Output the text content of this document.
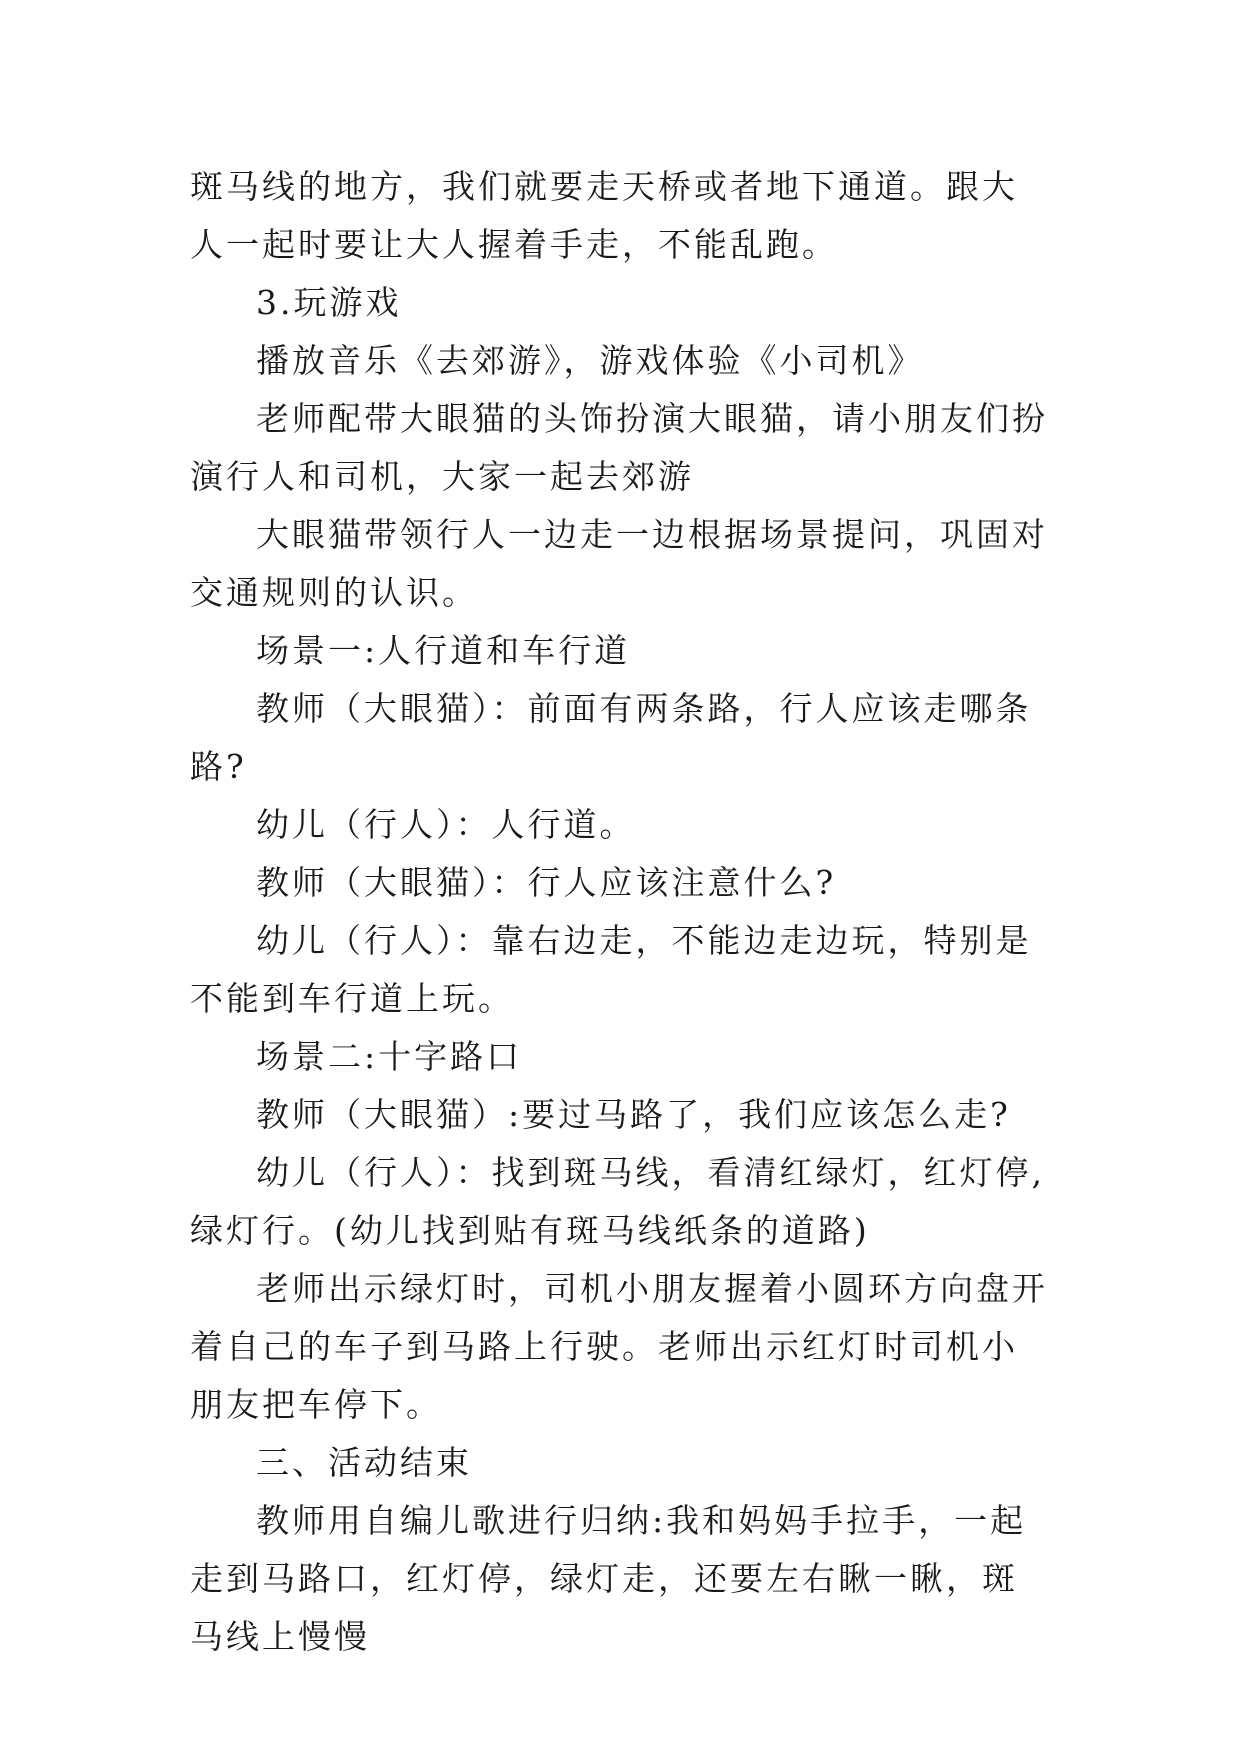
斑马线的地方，我们就要走天桥或者地下通道。跟大人一起时要让大人握着手走，不能乱跑。

3.玩游戏

播放音乐《去郊游》，游戏体验《小司机》

老师配带大眼猫的头饰扮演大眼猫，请小朋友们扮演行人和司机，大家一起去郊游

大眼猫带领行人一边走一边根据场景提问，巩固对交通规则的认识。

场景一:人行道和车行道

教师（大眼猫）：前面有两条路，行人应该走哪条路?

幼儿（行人）：人行道。

教师（大眼猫）：行人应该注意什么?

幼儿（行人）：靠右边走，不能边走边玩，特别是不能到车行道上玩。

场景二:十字路口

教师（大眼猫）:要过马路了，我们应该怎么走?

幼儿（行人）：找到斑马线，看清红绿灯，红灯停,绿灯行。(幼儿找到贴有斑马线纸条的道路)

老师出示绿灯时，司机小朋友握着小圆环方向盘开着自己的车子到马路上行驶。老师出示红灯时司机小朋友把车停下。

三、活动结束

教师用自编儿歌进行归纳:我和妈妈手拉手，一起走到马路口，红灯停，绿灯走，还要左右瞅一瞅，斑马线上慢慢
